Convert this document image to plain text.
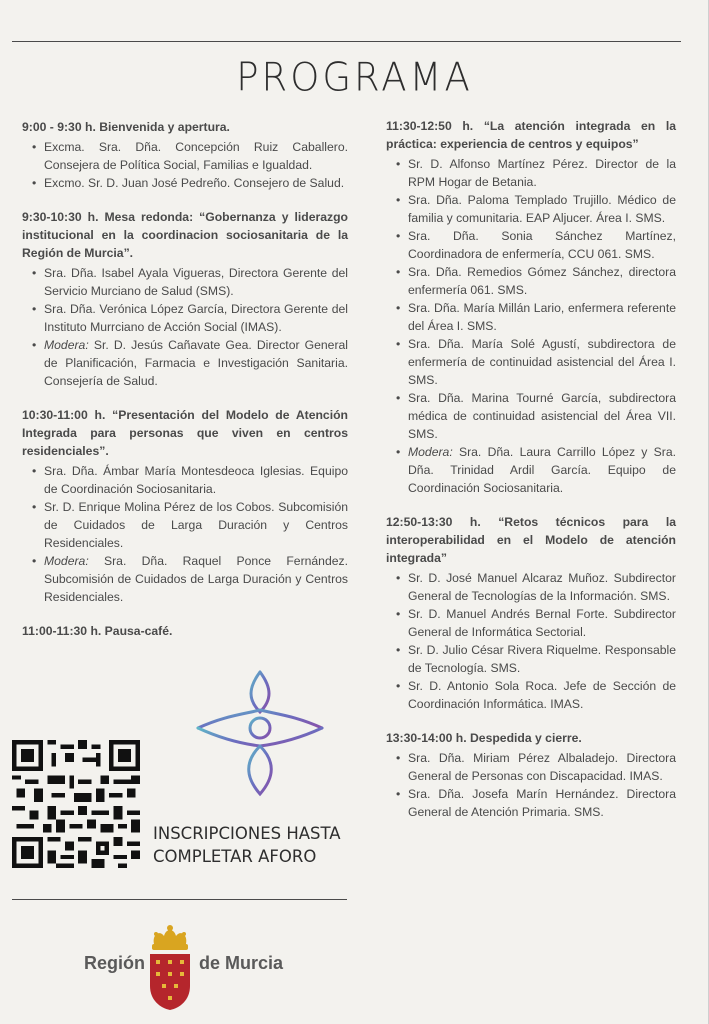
PROGRAMA

9:00 - 9:30 h. Bienvenida y apertura.

• Excma. Sra. Dña. Concepción Ruiz Caballero. Consejera de Política Social, Familias e Igualdad.
• Excmo. Sr. D. Juan José Pedreño. Consejero de Salud.

9:30-10:30 h. Mesa redonda: “Gobernanza y liderazgo institucional en la coordinacion sociosanitaria de la Región de Murcia”.

• Sra. Dña. Isabel Ayala Vigueras, Directora Gerente del Servicio Murciano de Salud (SMS).
• Sra. Dña. Verónica López García, Directora Gerente del Instituto Murrciano de Acción Social (IMAS).
• Modera: Sr. D. Jesús Cañavate Gea. Director General de Planificación, Farmacia e Investigación Sanitaria. Consejería de Salud.

10:30-11:00 h. “Presentación del Modelo de Atención Integrada para personas que viven en centros residenciales”.

• Sra. Dña. Ámbar María Montesdeoca Iglesias. Equipo de Coordinación Sociosanitaria.
• Sr. D. Enrique Molina Pérez de los Cobos. Subcomisión de Cuidados de Larga Duración y Centros Residenciales.
• Modera: Sra. Dña. Raquel Ponce Fernández. Subcomisión de Cuidados de Larga Duración y Centros Residenciales.
11:00-11:30 h. Pausa-café.

11:30-12:50 h. “La atención integrada en la práctica: experiencia de centros y equipos”

• Sr. D. Alfonso Martínez Pérez. Director de la RPM Hogar de Betania.
• Sra. Dña. Paloma Templado Trujillo. Médico de familia y comunitaria. EAP Aljucer. Área I. SMS.
• Sra. Dña. Sonia Sánchez Martínez, Coordinadora de enfermería, CCU 061. SMS.
• Sra. Dña. Remedios Gómez Sánchez, directora enfermería 061. SMS.
• Sra. Dña. María Millán Lario, enfermera referente del Área I. SMS.
• Sra. Dña. María Solé Agustí, subdirectora de enfermería de continuidad asistencial del Área I. SMS.
• Sra. Dña. Marina Tourné García, subdirectora médica de continuidad asistencial del Área VII. SMS.
• Modera: Sra. Dña. Laura Carrillo López y Sra. Dña. Trinidad Ardil García. Equipo de Coordinación Sociosanitaria.

12:50-13:30 h. “Retos técnicos para la interoperabilidad en el Modelo de atención integrada”

• Sr. D. José Manuel Alcaraz Muñoz. Subdirector General de Tecnologías de la Información. SMS.
• Sr. D. Manuel Andrés Bernal Forte. Subdirector General de Informática Sectorial.
• Sr. D. Julio César Rivera Riquelme. Responsable de Tecnología. SMS.
• Sr. D. Antonio Sola Roca. Jefe de Sección de Coordinación Informática. IMAS.

13:30-14:00 h. Despedida y cierre.

• Sra. Dña. Miriam Pérez Albaladejo. Directora General de Personas con Discapacidad. IMAS.
• Sra. Dña. Josefa Marín Hernández. Directora General de Atención Primaria. SMS.
INSCRIPCIONES HASTA COMPLETAR AFORO
Región	de Murcia
